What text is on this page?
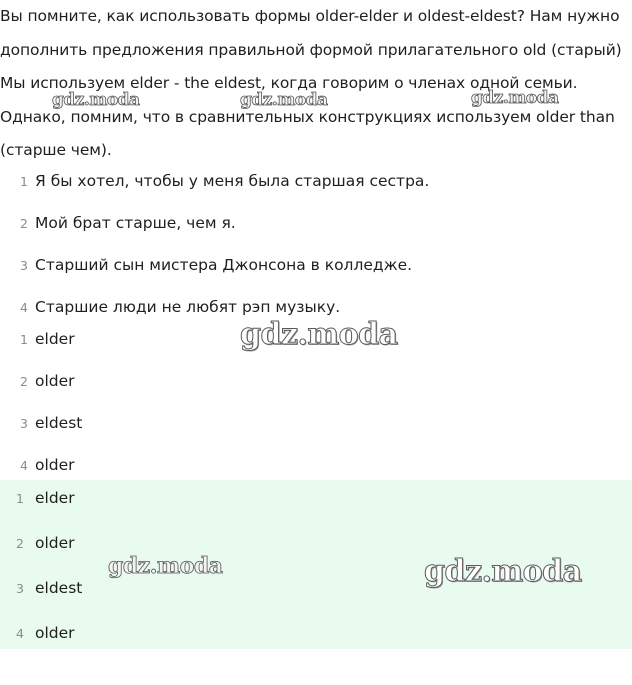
Вы помните, как использовать формы older-elder и oldest-eldest? Нам нужно дополнить предложения правильной формой прилагательного old (старый)

Мы используем elder - the eldest, когда говорим о членах одной семьи. Однако, помним, что в сравнительных конструкциях используем older than (старше чем).

1 Я бы хотел, чтобы у меня была старшая сестра.
2 Мой брат старше, чем я.
3 Старший сын мистера Джонсона в колледже.
4 Старшие люди не любят рэп музыку.
1 elder
2 older
3 eldest
4 older
1 elder
2 older
3 eldest
4 older
gdz.moda	gdz.moda	gdz.moda
gdz.moda
gdz.moda	gdz.moda
